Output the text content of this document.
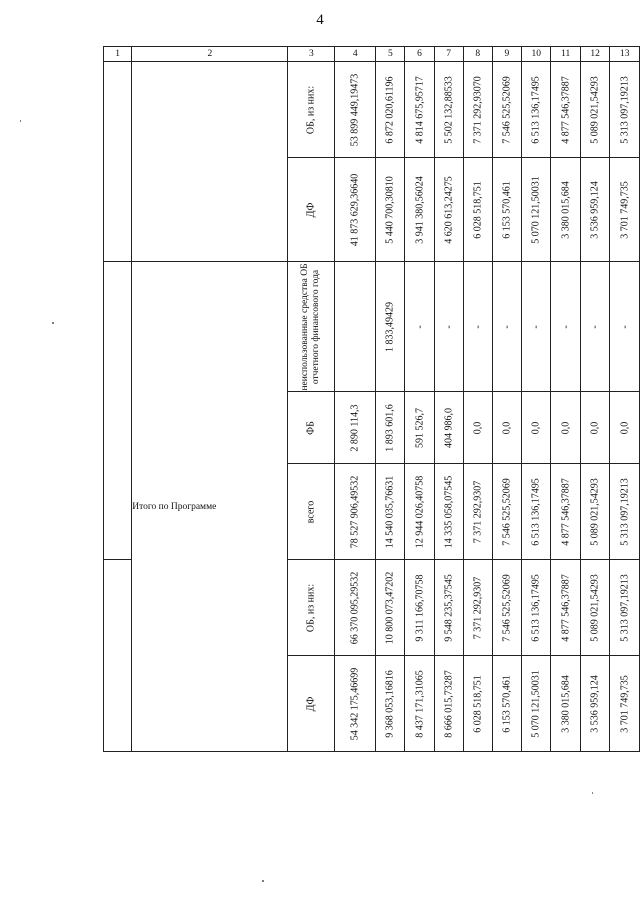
4
1	2	3	4	5	6	7	8	9	10	11	12	13

		ОБ, из них:	53 899 449,19473	6 872 020,61196	4 814 675,95717	5 502 132,88533	7 371 292,93070	7 546 525,52069	6 513 136,17495	4 877 546,37887	5 089 021,54293	5 313 097,19213

		ДФ	41 873 629,36640	5 440 700,30810	3 941 380,56024	4 620 613,24275	6 028 518,751	6 153 570,461	5 070 121,50031	3 380 015,684	3 536 959,124	3 701 749,735

	Итого по Программе	неиспользованные средства ОБ отчетного финансового года		1 833,49429	-	-	-	-	-	-	-	-

		ФБ	2 890 114,3	1 893 601,6	591 526,7	404 986,0	0,0	0,0	0,0	0,0	0,0	0,0

		всего	78 527 906,49532	14 540 035,76631	12 944 026,40758	14 335 058,07545	7 371 292,9307	7 546 525,52069	6 513 136,17495	4 877 546,37887	5 089 021,54293	5 313 097,19213

		ОБ, из них:	66 370 095,29532	10 800 073,47202	9 311 166,70758	9 548 235,37545	7 371 292,9307	7 546 525,52069	6 513 136,17495	4 877 546,37887	5 089 021,54293	5 313 097,19213

		ДФ	54 342 175,46699	9 368 053,16816	8 437 171,31065	8 666 015,73287	6 028 518,751	6 153 570,461	5 070 121,50031	3 380 015,684	3 536 959,124	3 701 749,735
